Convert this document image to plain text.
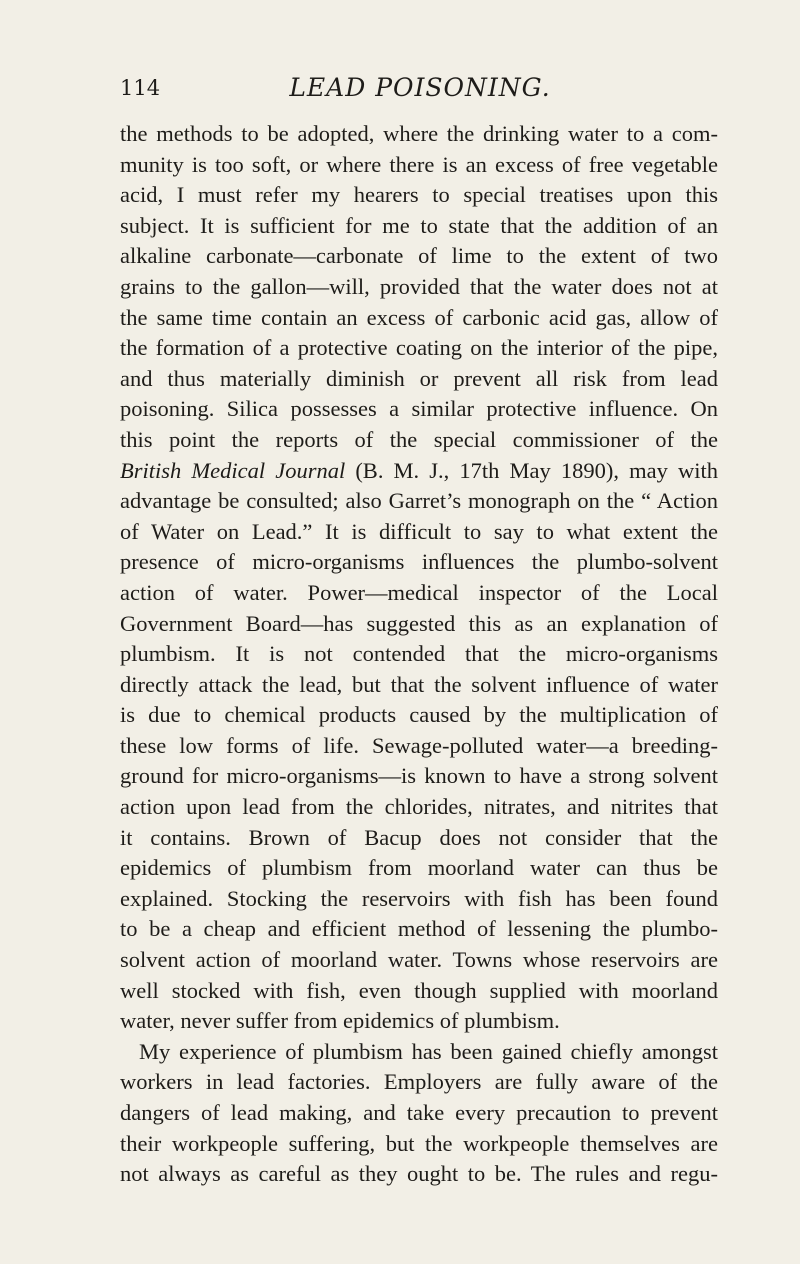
114	LEAD POISONING.
the methods to be adopted, where the drinking water to a com-
munity is too soft, or where there is an excess of free vegetable
acid, I must refer my hearers to special treatises upon this
subject. It is sufficient for me to state that the addition of an
alkaline carbonate—carbonate of lime to the extent of two
grains to the gallon—will, provided that the water does not at
the same time contain an excess of carbonic acid gas, allow of
the formation of a protective coating on the interior of the pipe,
and thus materially diminish or prevent all risk from lead
poisoning. Silica possesses a similar protective influence. On
this point the reports of the special commissioner of the
British Medical Journal (B. M. J., 17th May 1890), may with
advantage be consulted; also Garret’s monograph on the “ Action
of Water on Lead.” It is difficult to say to what extent the
presence of micro-organisms influences the plumbo-solvent
action of water. Power—medical inspector of the Local
Government Board—has suggested this as an explanation of
plumbism. It is not contended that the micro-organisms
directly attack the lead, but that the solvent influence of water
is due to chemical products caused by the multiplication of
these low forms of life. Sewage-polluted water—a breeding-
ground for micro-organisms—is known to have a strong solvent
action upon lead from the chlorides, nitrates, and nitrites that
it contains. Brown of Bacup does not consider that the
epidemics of plumbism from moorland water can thus be
explained. Stocking the reservoirs with fish has been found
to be a cheap and efficient method of lessening the plumbo-
solvent action of moorland water. Towns whose reservoirs are
well stocked with fish, even though supplied with moorland
water, never suffer from epidemics of plumbism.
My experience of plumbism has been gained chiefly amongst
workers in lead factories. Employers are fully aware of the
dangers of lead making, and take every precaution to prevent
their workpeople suffering, but the workpeople themselves are
not always as careful as they ought to be. The rules and regu-
